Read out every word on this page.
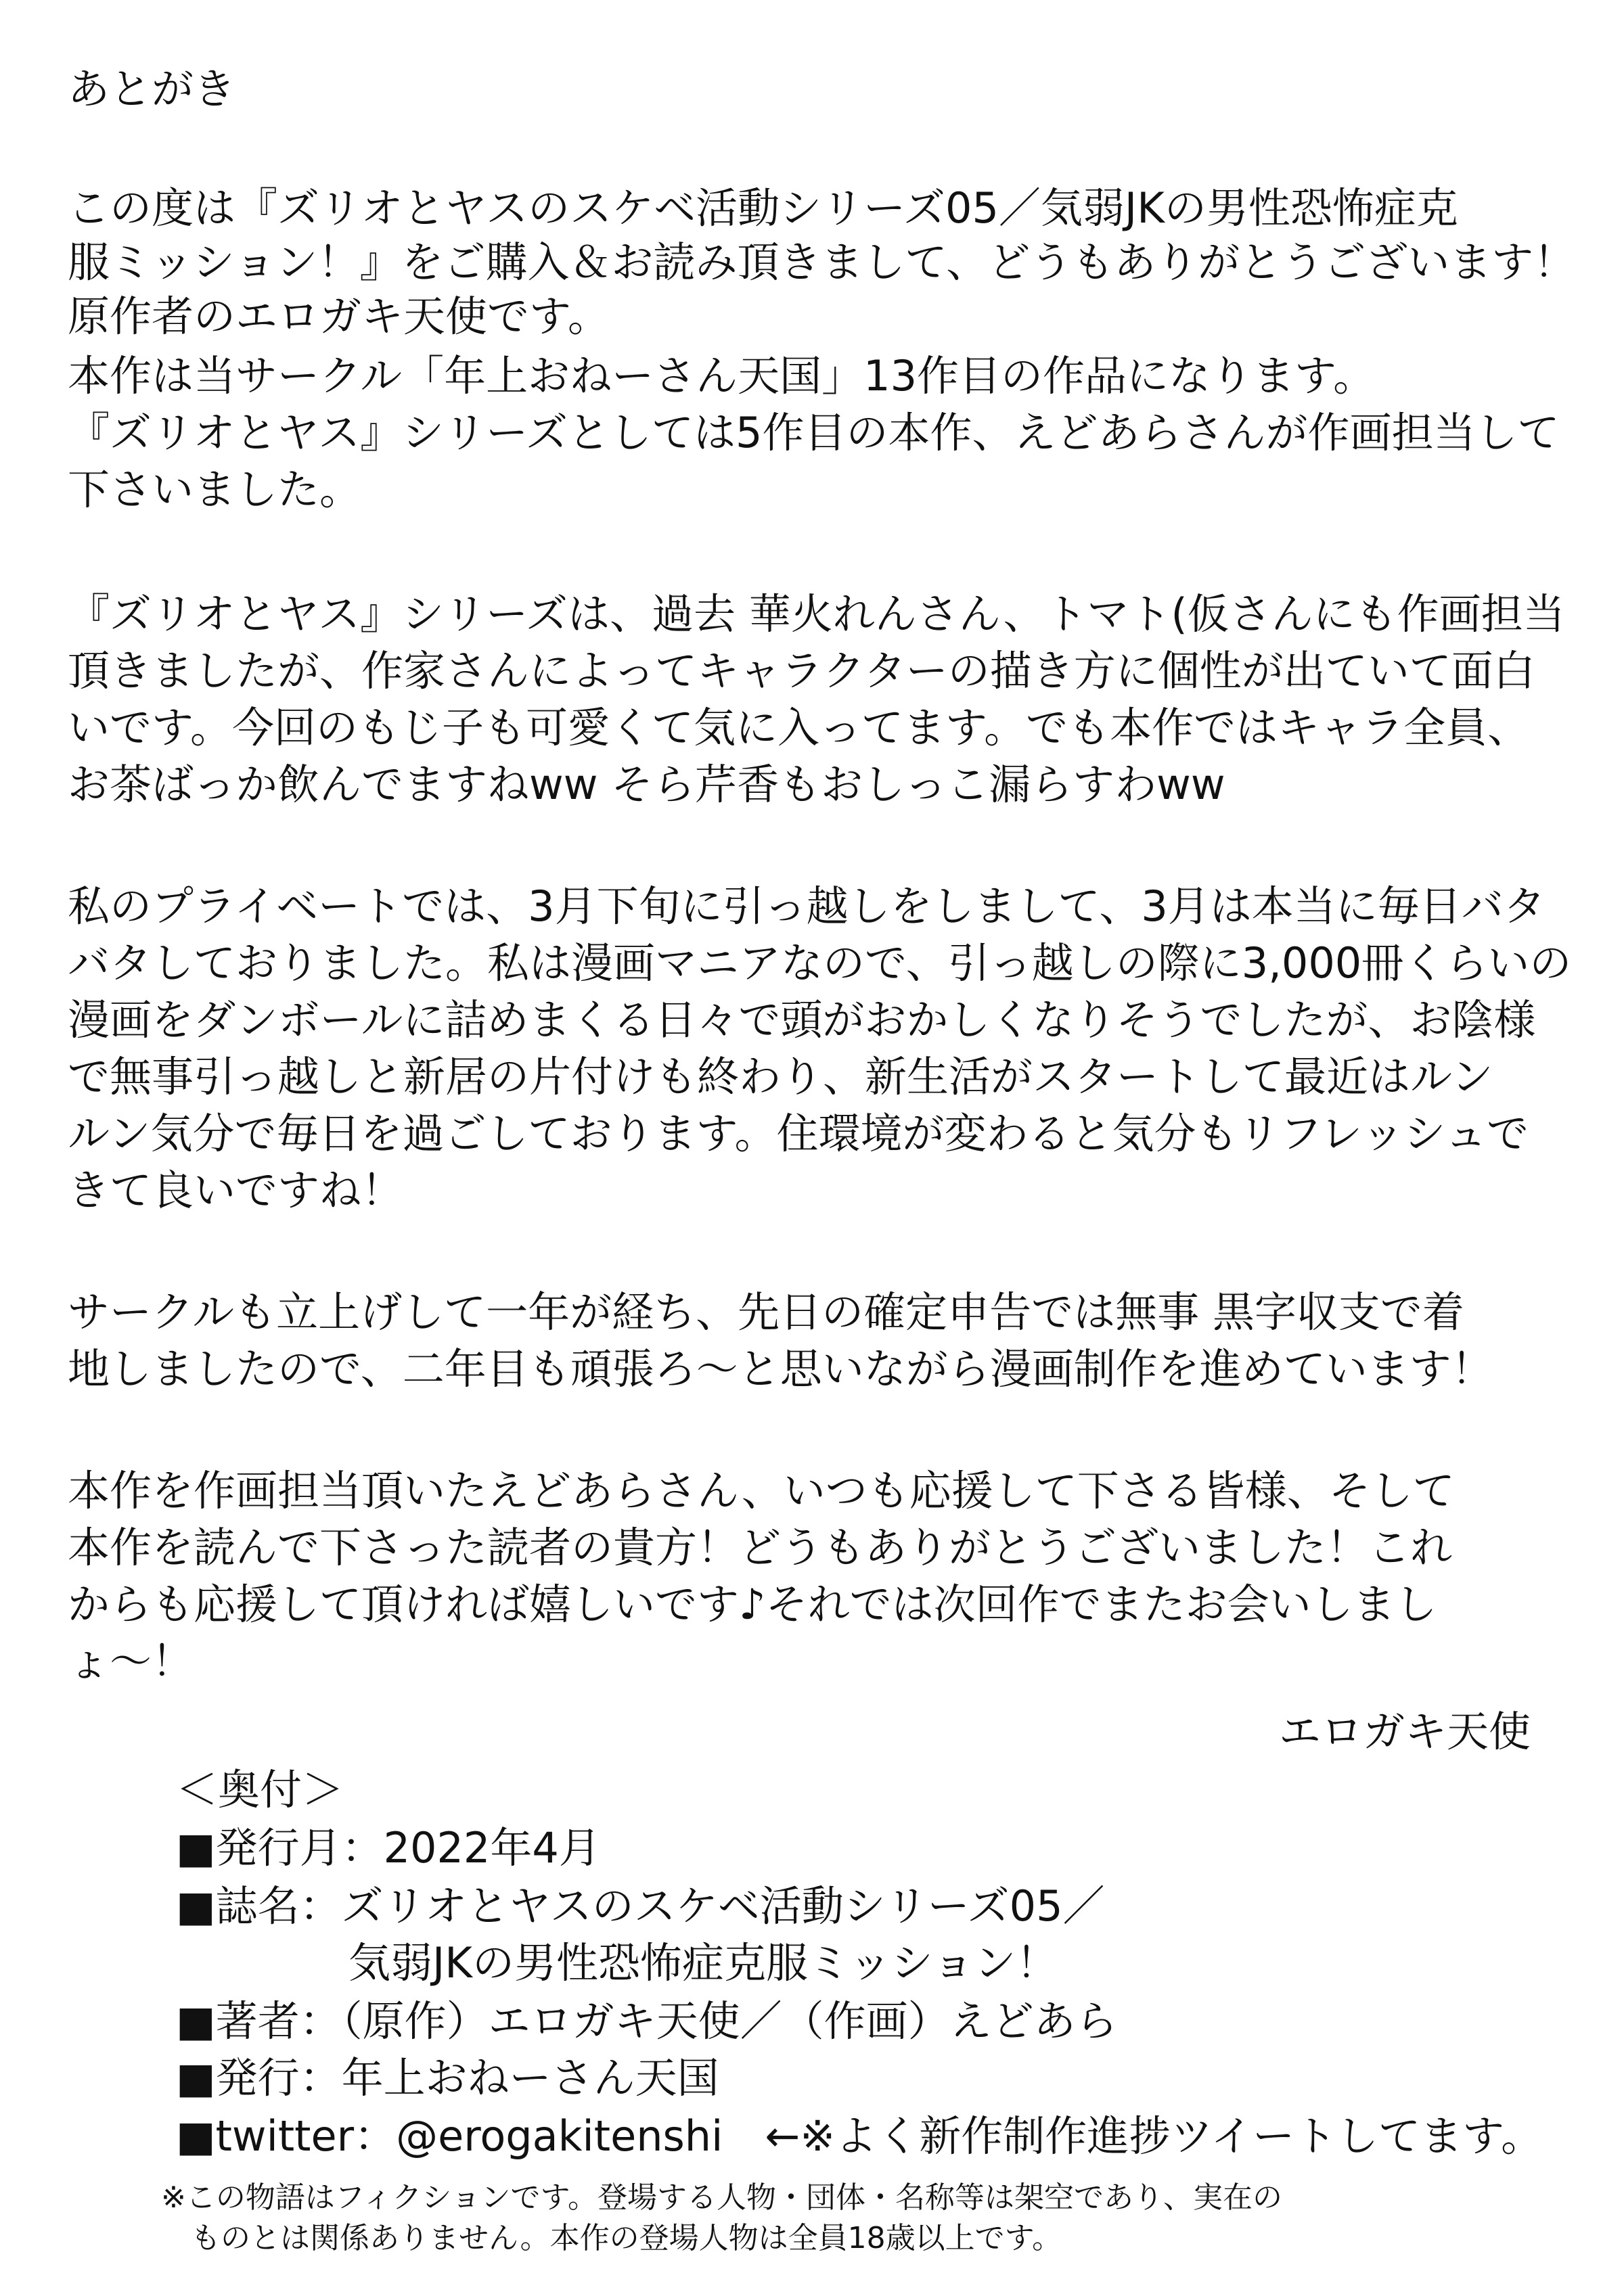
あとがき
この度は『ズリオとヤスのスケベ活動シリーズ05／気弱JKの男性恐怖症克
服ミッション！』をご購入＆お読み頂きまして、どうもありがとうございます！
原作者のエロガキ天使です。
本作は当サークル「年上おねーさん天国」13作目の作品になります。
『ズリオとヤス』シリーズとしては5作目の本作、えどあらさんが作画担当して
下さいました。
『ズリオとヤス』シリーズは、過去 華火れんさん、トマト(仮さんにも作画担当
頂きましたが、作家さんによってキャラクターの描き方に個性が出ていて面白
いです。今回のもじ子も可愛くて気に入ってます。でも本作ではキャラ全員、
お茶ばっか飲んでますねww そら芹香もおしっこ漏らすわww
私のプライベートでは、3月下旬に引っ越しをしまして、3月は本当に毎日バタ
バタしておりました。私は漫画マニアなので、引っ越しの際に3,000冊くらいの
漫画をダンボールに詰めまくる日々で頭がおかしくなりそうでしたが、お陰様
で無事引っ越しと新居の片付けも終わり、新生活がスタートして最近はルン
ルン気分で毎日を過ごしております。住環境が変わると気分もリフレッシュで
きて良いですね！
サークルも立上げして一年が経ち、先日の確定申告では無事 黒字収支で着
地しましたので、二年目も頑張ろ～と思いながら漫画制作を進めています！
本作を作画担当頂いたえどあらさん、いつも応援して下さる皆様、そして
本作を読んで下さった読者の貴方！どうもありがとうございました！これ
からも応援して頂ければ嬉しいです♪それでは次回作でまたお会いしまし
ょ～！
エロガキ天使
＜奥付＞
■発行月：2022年4月
■誌名：ズリオとヤスのスケベ活動シリーズ05／
気弱JKの男性恐怖症克服ミッション！
■著者：（原作）エロガキ天使／（作画）えどあら
■発行：年上おねーさん天国
■twitter：@erogakitenshi　←※よく新作制作進捗ツイートしてます。
※この物語はフィクションです。登場する人物・団体・名称等は架空であり、実在の
ものとは関係ありません。本作の登場人物は全員18歳以上です。
